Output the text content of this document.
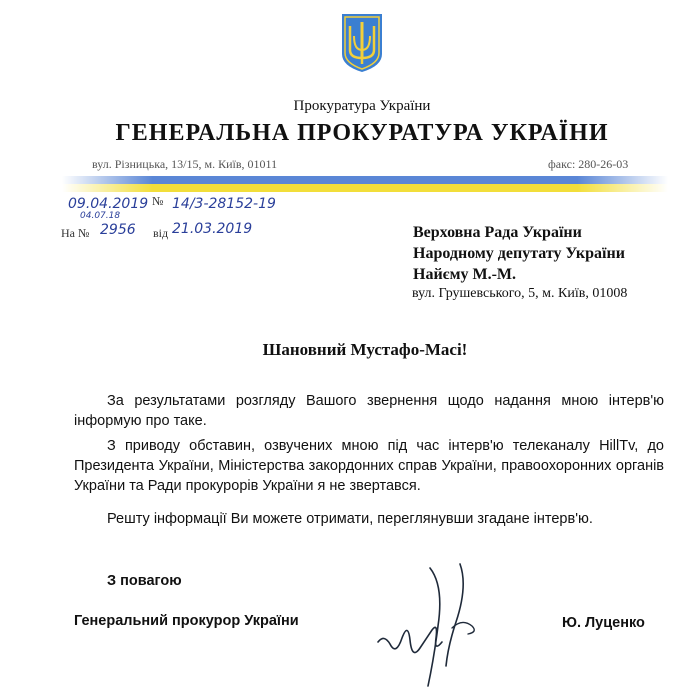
Прокуратура України
ГЕНЕРАЛЬНА ПРОКУРАТУРА УКРАЇНИ
вул. Різницька, 13/15, м. Київ, 01011	факс: 280-26-03
09.04.2019 № 14/3-28152-19
04.07.18
На № 2956 від 21.03.2019	Верховна Рада України
Народному депутату України
Найєму М.-М.
вул. Грушевського, 5, м. Київ, 01008
Шановний Мустафо-Масі!
За результатами розгляду Вашого звернення щодо надання мною інтерв'ю інформую про таке.
З приводу обставин, озвучених мною під час інтерв'ю телеканалу HillTv, до Президента України, Міністерства закордонних справ України, правоохоронних органів України та Ради прокурорів України я не звертався.
Решту інформації Ви можете отримати, переглянувши згадане інтерв'ю.
З повагою
Генеральний прокурор України	Ю. Луценко
